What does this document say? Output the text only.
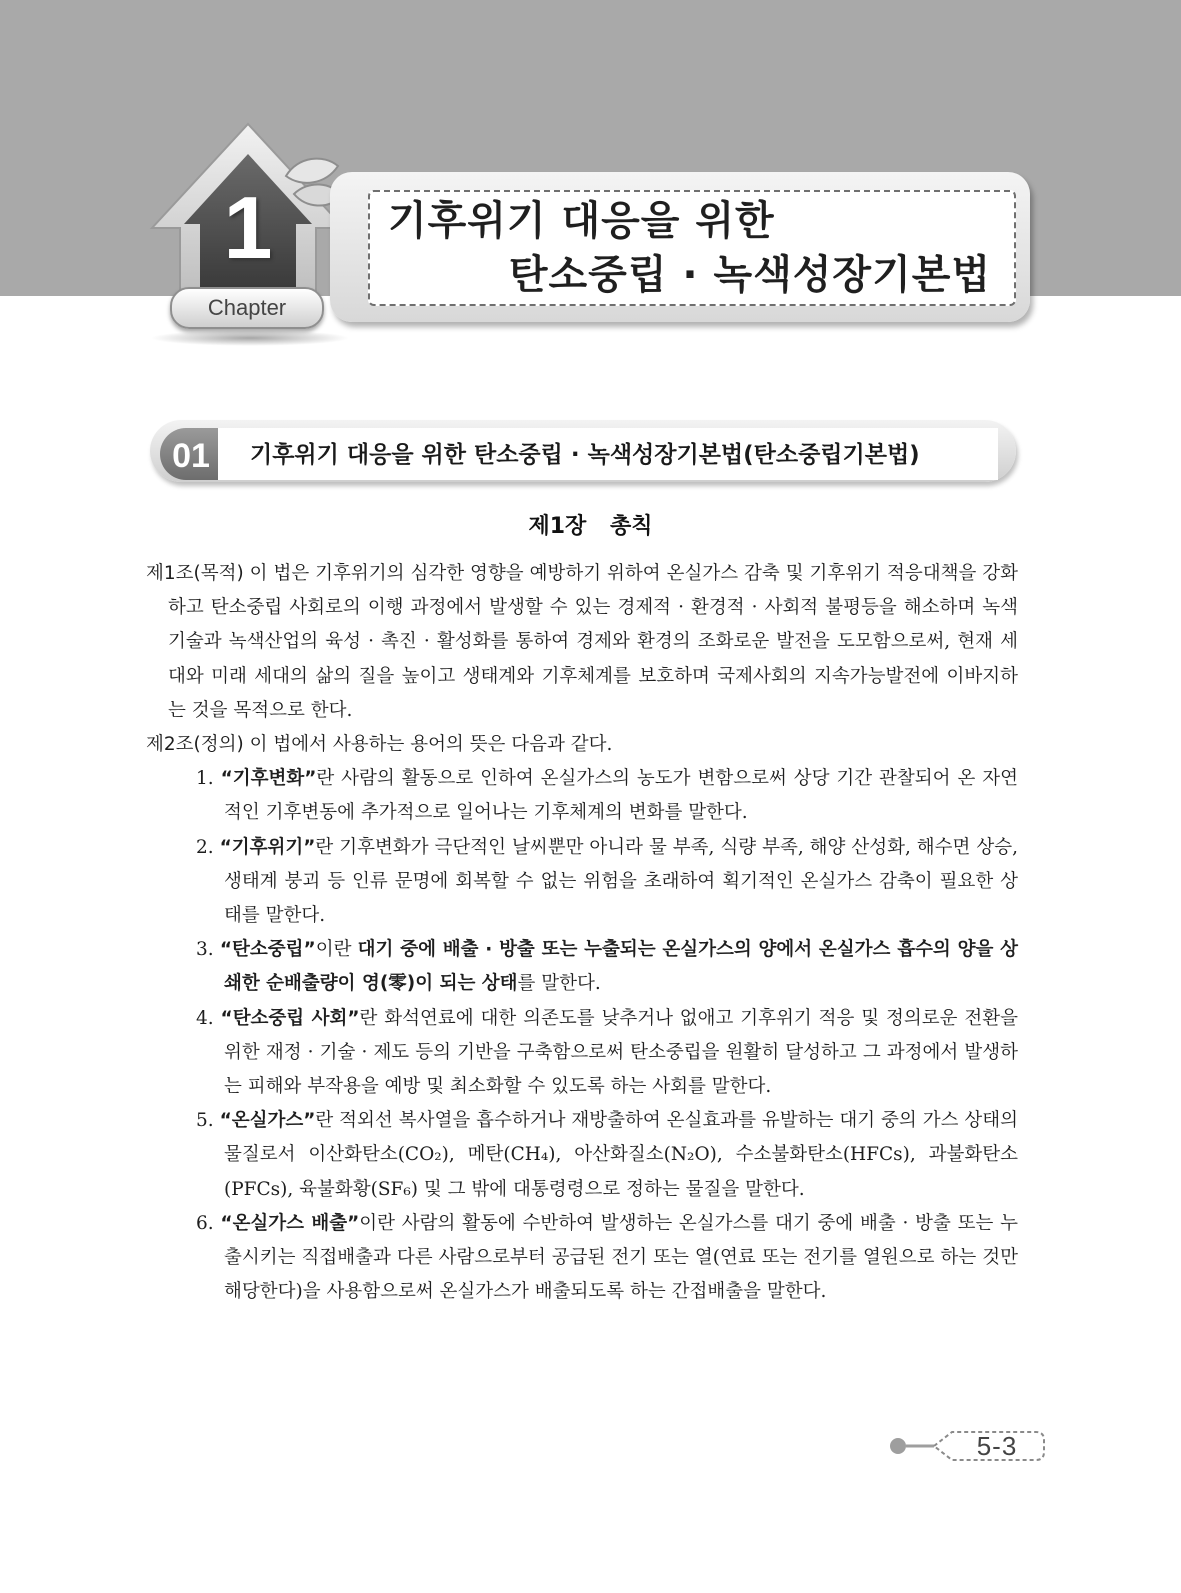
1
Chapter
기후위기 대응을 위한
탄소중립 · 녹색성장기본법
01 기후위기 대응을 위한 탄소중립 · 녹색성장기본법(탄소중립기본법)
제1장 총칙

제1조(목적) 이 법은 기후위기의 심각한 영향을 예방하기 위하여 온실가스 감축 및 기후위기 적응대책을 강화하고 탄소중립 사회로의 이행 과정에서 발생할 수 있는 경제적 · 환경적 · 사회적 불평등을 해소하며 녹색기술과 녹색산업의 육성 · 촉진 · 활성화를 통하여 경제와 환경의 조화로운 발전을 도모함으로써, 현재 세대와 미래 세대의 삶의 질을 높이고 생태계와 기후체계를 보호하며 국제사회의 지속가능발전에 이바지하는 것을 목적으로 한다.

제2조(정의) 이 법에서 사용하는 용어의 뜻은 다음과 같다.

1. “기후변화”란 사람의 활동으로 인하여 온실가스의 농도가 변함으로써 상당 기간 관찰되어 온 자연적인 기후변동에 추가적으로 일어나는 기후체계의 변화를 말한다.

2. “기후위기”란 기후변화가 극단적인 날씨뿐만 아니라 물 부족, 식량 부족, 해양 산성화, 해수면 상승, 생태계 붕괴 등 인류 문명에 회복할 수 없는 위험을 초래하여 획기적인 온실가스 감축이 필요한 상태를 말한다.

3. “탄소중립”이란 대기 중에 배출 · 방출 또는 누출되는 온실가스의 양에서 온실가스 흡수의 양을 상쇄한 순배출량이 영(零)이 되는 상태를 말한다.

4. “탄소중립 사회”란 화석연료에 대한 의존도를 낮추거나 없애고 기후위기 적응 및 정의로운 전환을 위한 재정 · 기술 · 제도 등의 기반을 구축함으로써 탄소중립을 원활히 달성하고 그 과정에서 발생하는 피해와 부작용을 예방 및 최소화할 수 있도록 하는 사회를 말한다.

5. “온실가스”란 적외선 복사열을 흡수하거나 재방출하여 온실효과를 유발하는 대기 중의 가스 상태의 물질로서 이산화탄소(CO₂), 메탄(CH₄), 아산화질소(N₂O), 수소불화탄소(HFCs), 과불화탄소(PFCs), 육불화황(SF₆) 및 그 밖에 대통령령으로 정하는 물질을 말한다.

6. “온실가스 배출”이란 사람의 활동에 수반하여 발생하는 온실가스를 대기 중에 배출 · 방출 또는 누출시키는 직접배출과 다른 사람으로부터 공급된 전기 또는 열(연료 또는 전기를 열원으로 하는 것만 해당한다)을 사용함으로써 온실가스가 배출되도록 하는 간접배출을 말한다.

5-3
